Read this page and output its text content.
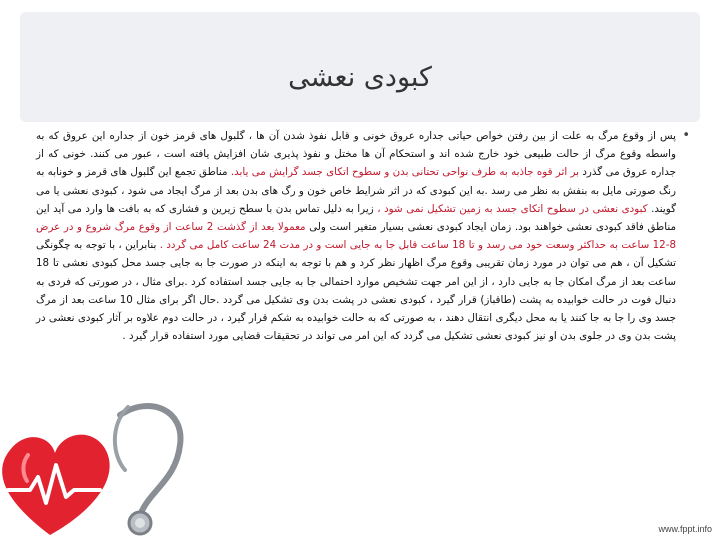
کبودی نعشی
•
پس از وقوع مرگ به علت از بین رفتن خواص حیاتی جداره عروق خونی و قابل نفوذ شدن آن ها ، گلبول های قرمز خون از جداره این عروق که به واسطه وقوع مرگ از حالت طبیعی خود خارج شده اند و استحکام آن ها مختل و نفوذ پذیری شان افزایش یافته است ، عبور می کنند. خونی که از جداره عروق می گذرد بر اثر قوه جاذبه به طرف نواحی تحتانی بدن و سطوح اتکای جسد گرایش می یابد. مناطق تجمع این گلبول های قرمز و خونابه به رنگ صورتی مایل به بنفش به نظر می رسد .به این کبودی که در اثر شرایط خاص خون و رگ های بدن بعد از مرگ ایجاد می شود ، کبودی نعشی یا می گویند. کبودی نعشی در سطوح اتکای جسد به زمین تشکیل نمی شود ، زیرا به دلیل تماس بدن با سطح زیرین و فشاری که به بافت ها وارد می آید این مناطق فاقد کبودی نعشی خواهند بود. زمان ایجاد کبودی نعشی بسیار متغیر است ولی معمولا بعد از گذشت 2 ساعت از وقوع مرگ شروع و در عرض 8-12 ساعت به حداکثر وسعت خود می رسد و تا 18 ساعت قابل جا به جایی است و در مدت 24 ساعت کامل می گردد . بنابراین ، با توجه به چگونگی تشکیل آن ، هم می توان در مورد زمان تقریبی وقوع مرگ اظهار نظر کرد و هم با توجه به اینکه در صورت جا به جایی جسد محل کبودی نعشی تا 18 ساعت بعد از مرگ امکان جا به جایی دارد ، از این امر جهت تشخیص موارد احتمالی جا به جایی جسد استفاده کرد .برای مثال ، در صورتی که فردی به دنبال فوت در حالت خوابیده به پشت (طاقباز) قرار گیرد ، کبودی نعشی در پشت بدن وی تشکیل می گردد .حال اگر برای مثال 10 ساعت بعد از مرگ جسد وی را جا به جا کنند یا به محل دیگری انتقال دهند ، به صورتی که به حالت خوابیده به شکم قرار گیرد ، در حالت دوم علاوه بر آثار کبودی نعشی در پشت بدن وی در جلوی بدن او نیز کبودی نعشی تشکیل می گردد که این امر می تواند در تحقیقات قضایی مورد استفاده قرار گیرد .
www.fppt.info
